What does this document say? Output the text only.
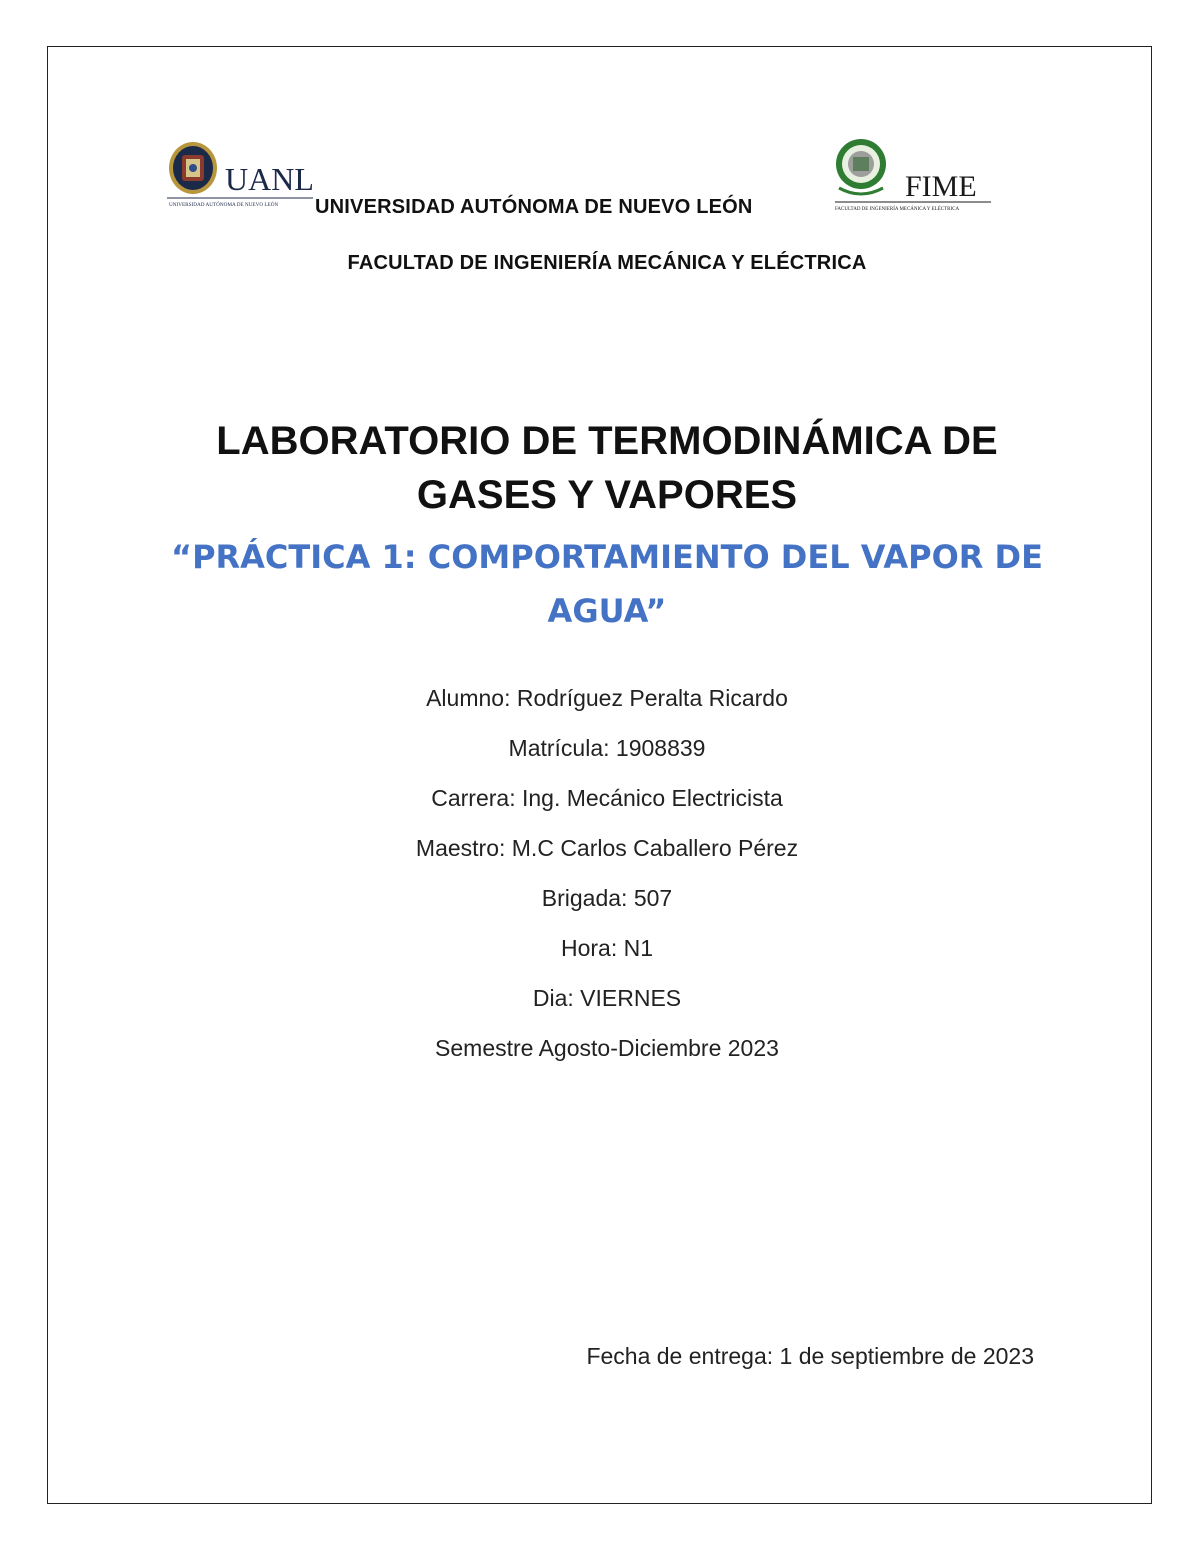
UANL
UNIVERSIDAD AUTÓNOMA DE NUEVO LEÓN UNIVERSIDAD AUTÓNOMA DE NUEVO LEÓN
FIME
FACULTAD DE INGENIERÍA MECÁNICA Y ELÉCTRICA
FACULTAD DE INGENIERÍA MECÁNICA Y ELÉCTRICA
LABORATORIO DE TERMODINÁMICA DE
GASES Y VAPORES
“PRÁCTICA 1: COMPORTAMIENTO DEL VAPOR DE AGUA”
Alumno: Rodríguez Peralta Ricardo
Matrícula: 1908839
Carrera: Ing. Mecánico Electricista
Maestro: M.C Carlos Caballero Pérez
Brigada: 507
Hora: N1
Dia: VIERNES
Semestre Agosto-Diciembre 2023
Fecha de entrega: 1 de septiembre de 2023
